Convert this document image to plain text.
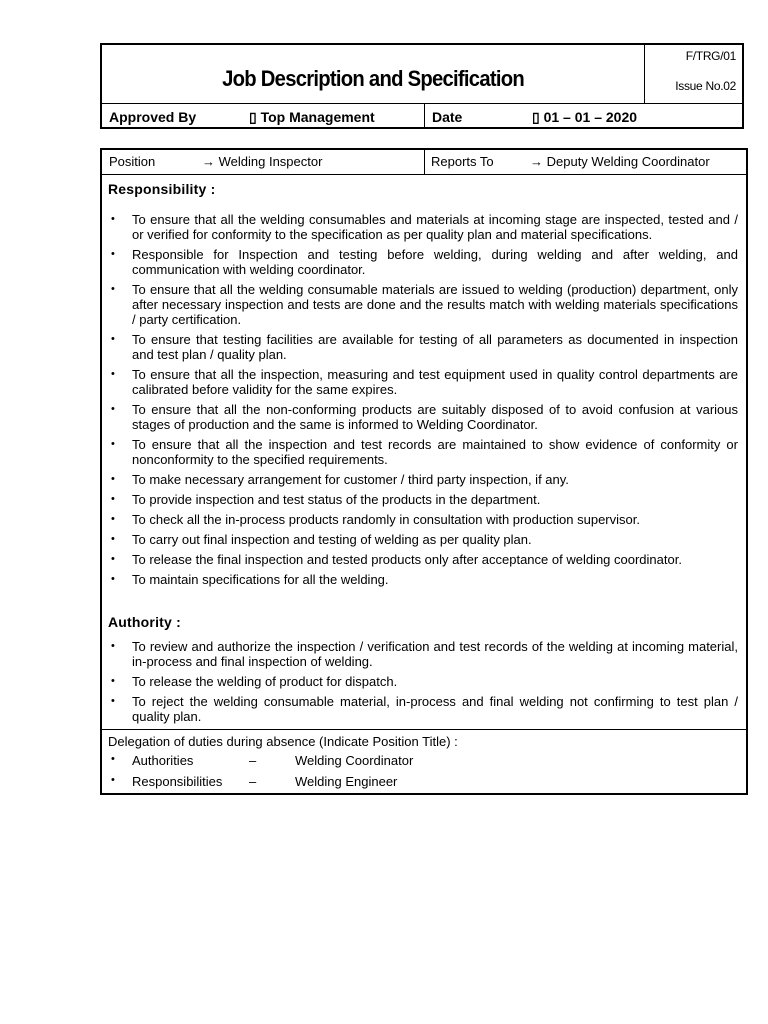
Job Description and Specification
F/TRG/01
Issue No.02
Approved By	▯ Top Management	Date	▯ 01 – 01 – 2020
Position	→ Welding Inspector	Reports To	→ Deputy Welding Coordinator
Responsibility :
• To ensure that all the welding consumables and materials at incoming stage are inspected, tested and / or verified for conformity to the specification as per quality plan and material specifications.
• Responsible for Inspection and testing before welding, during welding and after welding, and communication with welding coordinator.
• To ensure that all the welding consumable materials are issued to welding (production) department, only after necessary inspection and tests are done and the results match with welding materials specifications / party certification.
• To ensure that testing facilities are available for testing of all parameters as documented in inspection and test plan / quality plan.
• To ensure that all the inspection, measuring and test equipment used in quality control departments are calibrated before validity for the same expires.
• To ensure that all the non-conforming products are suitably disposed of to avoid confusion at various stages of production and the same is informed to Welding Coordinator.
• To ensure that all the inspection and test records are maintained to show evidence of conformity or nonconformity to the specified requirements.
• To make necessary arrangement for customer / third party inspection, if any.
• To provide inspection and test status of the products in the department.
• To check all the in-process products randomly in consultation with production supervisor.
• To carry out final inspection and testing of welding as per quality plan.
• To release the final inspection and tested products only after acceptance of welding coordinator.
• To maintain specifications for all the welding.
Authority :
• To review and authorize the inspection / verification and test records of the welding at incoming material, in-process and final inspection of welding.
• To release the welding of product for dispatch.
• To reject the welding consumable material, in-process and final welding not confirming to test plan / quality plan.
Delegation of duties during absence (Indicate Position Title) :
• Authorities	–	Welding Coordinator
• Responsibilities –	Welding Engineer
